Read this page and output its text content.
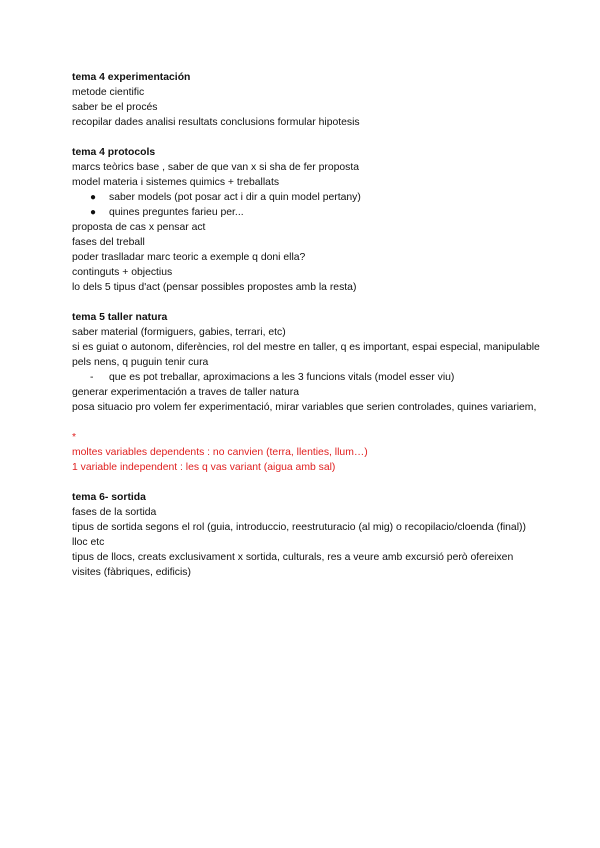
tema 4 experimentación
metode cientific
saber be el procés
recopilar dades analisi resultats conclusions formular hipotesis
tema 4 protocols
marcs teòrics base , saber de que van x si sha de fer proposta
model materia i sistemes quimics + treballats
● saber models (pot posar act i dir a quin model pertany)
● quines preguntes farieu per...
proposta de cas x pensar act
fases del treball
poder traslladar marc teoric a exemple q doni ella?
continguts + objectius
lo dels 5 tipus d'act (pensar possibles propostes amb la resta)
tema 5 taller natura
saber material (formiguers, gabies, terrari, etc)
si es guiat o autonom, diferències, rol del mestre en taller, q es important, espai especial, manipulable pels nens, q puguin tenir cura
- que es pot treballar, aproximacions a les 3 funcions vitals (model esser viu)
generar experimentación a traves de taller natura
posa situacio pro volem fer experimentació, mirar variables que serien controlades, quines variariem,
*
moltes variables dependents : no canvien (terra, llenties, llum…)
1 variable independent : les q vas variant (aigua amb sal)
tema 6- sortida
fases de la sortida
tipus de sortida segons el rol (guia, introduccio, reestruturacio (al mig) o recopilacio/cloenda (final))
lloc etc
tipus de llocs, creats exclusivament x sortida, culturals, res a veure amb excursió però ofereixen visites (fàbriques, edificis)
